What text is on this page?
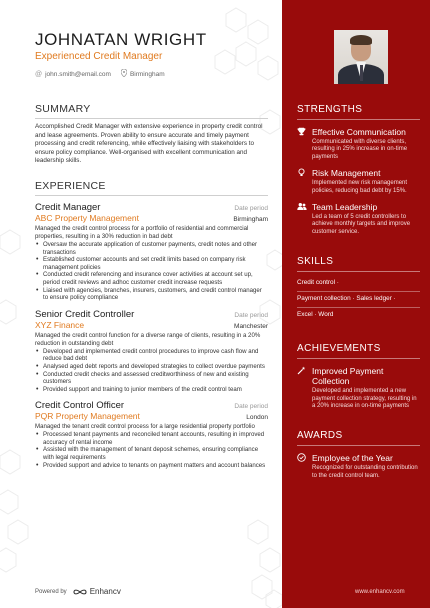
JOHNATAN WRIGHT
Experienced Credit Manager
@ john.smith@email.com	Birmingham
SUMMARY
Accomplished Credit Manager with extensive experience in property credit control and lease agreements. Proven ability to ensure accurate and timely payment processing and credit referencing, while effectively liaising with stakeholders to ensure policy compliance. Well-organised with excellent communication and leadership skills.
EXPERIENCE
Credit Manager	Date period
ABC Property Management	Birmingham
Managed the credit control process for a portfolio of residential and commercial properties, resulting in a 30% reduction in bad debt
• Oversaw the accurate application of customer payments, credit notes and other transactions
• Established customer accounts and set credit limits based on company risk management policies
• Conducted credit referencing and insurance cover activities at account set up, period credit reviews and adhoc customer credit increase requests
• Liaised with agencies, branches, insurers, customers, and credit control manager to ensure policy compliance
Senior Credit Controller	Date period
XYZ Finance	Manchester
Managed the credit control function for a diverse range of clients, resulting in a 20% reduction in outstanding debt
• Developed and implemented credit control procedures to improve cash flow and reduce bad debt
• Analysed aged debt reports and developed strategies to collect overdue payments
• Conducted credit checks and assessed creditworthiness of new and existing customers
• Provided support and training to junior members of the credit control team
Credit Control Officer	Date period
PQR Property Management	London
Managed the tenant credit control process for a large residential property portfolio
• Processed tenant payments and reconciled tenant accounts, resulting in improved accuracy of rental income
• Assisted with the management of tenant deposit schemes, ensuring compliance with legal requirements
• Provided support and advice to tenants on payment matters and account balances
Powered by	Enhancv
STRENGTHS
Effective Communication
Communicated with diverse clients, resulting in 25% increase in on-time payments
Risk Management
Implemented new risk management policies, reducing bad debt by 15%.
Team Leadership
Led a team of 5 credit controllers to achieve monthly targets and improve customer service.
SKILLS
Credit control ·
Payment collection · Sales ledger ·
Excel · Word
ACHIEVEMENTS
Improved Payment Collection
Developed and implemented a new payment collection strategy, resulting in a 20% increase in on-time payments
AWARDS
Employee of the Year
Recognized for outstanding contribution to the credit control team.
www.enhancv.com
